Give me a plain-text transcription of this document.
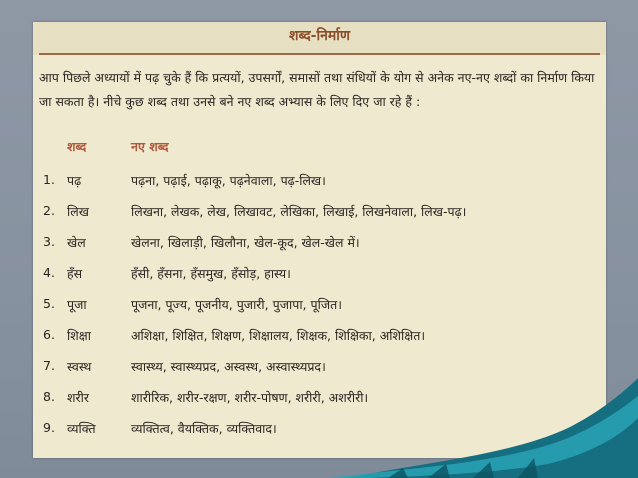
शब्द-निर्माण
आप पिछले अध्यायों में पढ़ चुके हैं कि प्रत्ययों, उपसर्गों, समासों तथा संधियों के योग से अनेक नए-नए शब्दों का निर्माण किया जा सकता है। नीचे कुछ शब्द तथा उनसे बने नए शब्द अभ्यास के लिए दिए जा रहे हैं :
शब्द	नए शब्द
1. पढ़	पढ़ना, पढ़ाई, पढ़ाकू, पढ़नेवाला, पढ़-लिख।
2. लिख	लिखना, लेखक, लेख, लिखावट, लेखिका, लिखाई, लिखनेवाला, लिख-पढ़।
3. खेल	खेलना, खिलाड़ी, खिलौना, खेल-कूद, खेल-खेल में।
4. हँस	हँसी, हँसना, हँसमुख, हँसोड़, हास्य।
5. पूजा	पूजना, पूज्य, पूजनीय, पुजारी, पुजापा, पूजित।
6. शिक्षा	अशिक्षा, शिक्षित, शिक्षण, शिक्षालय, शिक्षक, शिक्षिका, अशिक्षित।
7. स्वस्थ	स्वास्थ्य, स्वास्थ्यप्रद, अस्वस्थ, अस्वास्थ्यप्रद।
8. शरीर	शारीरिक, शरीर-रक्षण, शरीर-पोषण, शरीरी, अशरीरी।
9. व्यक्ति	व्यक्तित्व, वैयक्तिक, व्यक्तिवाद।
